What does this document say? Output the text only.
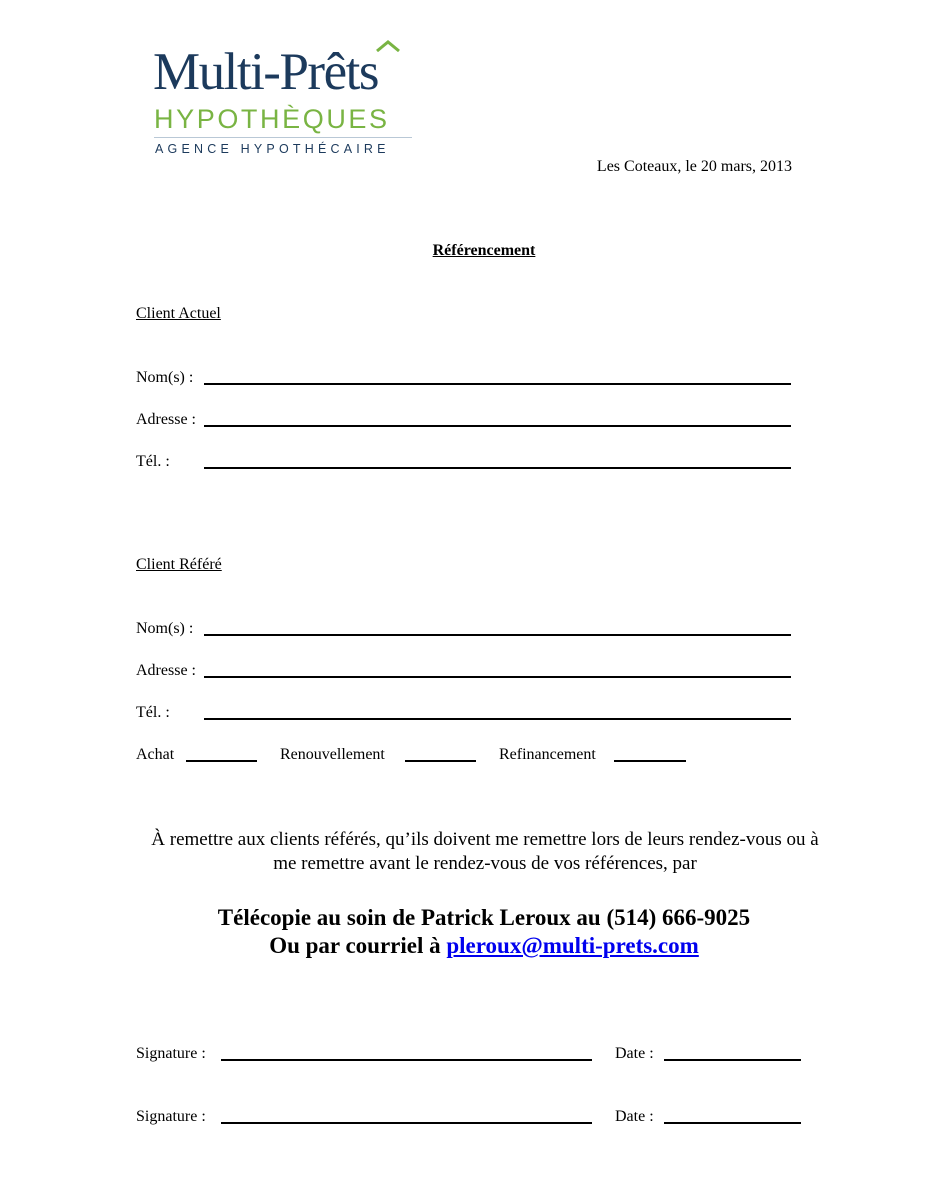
Multi-Prêts
HYPOTHÈQUES
AGENCE HYPOTHÉCAIRE
Les Coteaux, le 20 mars, 2013
Référencement
Client Actuel
Nom(s) :
Adresse :
Tél. :
Client Référé
Nom(s) :
Adresse :
Tél. :
Achat	Renouvellement	Refinancement
À remettre aux clients référés, qu’ils doivent me remettre lors de leurs rendez-vous ou à me remettre avant le rendez-vous de vos références, par
Télécopie au soin de Patrick Leroux au (514) 666-9025
Ou par courriel à pleroux@multi-prets.com
Signature :	Date :
Signature :	Date :
